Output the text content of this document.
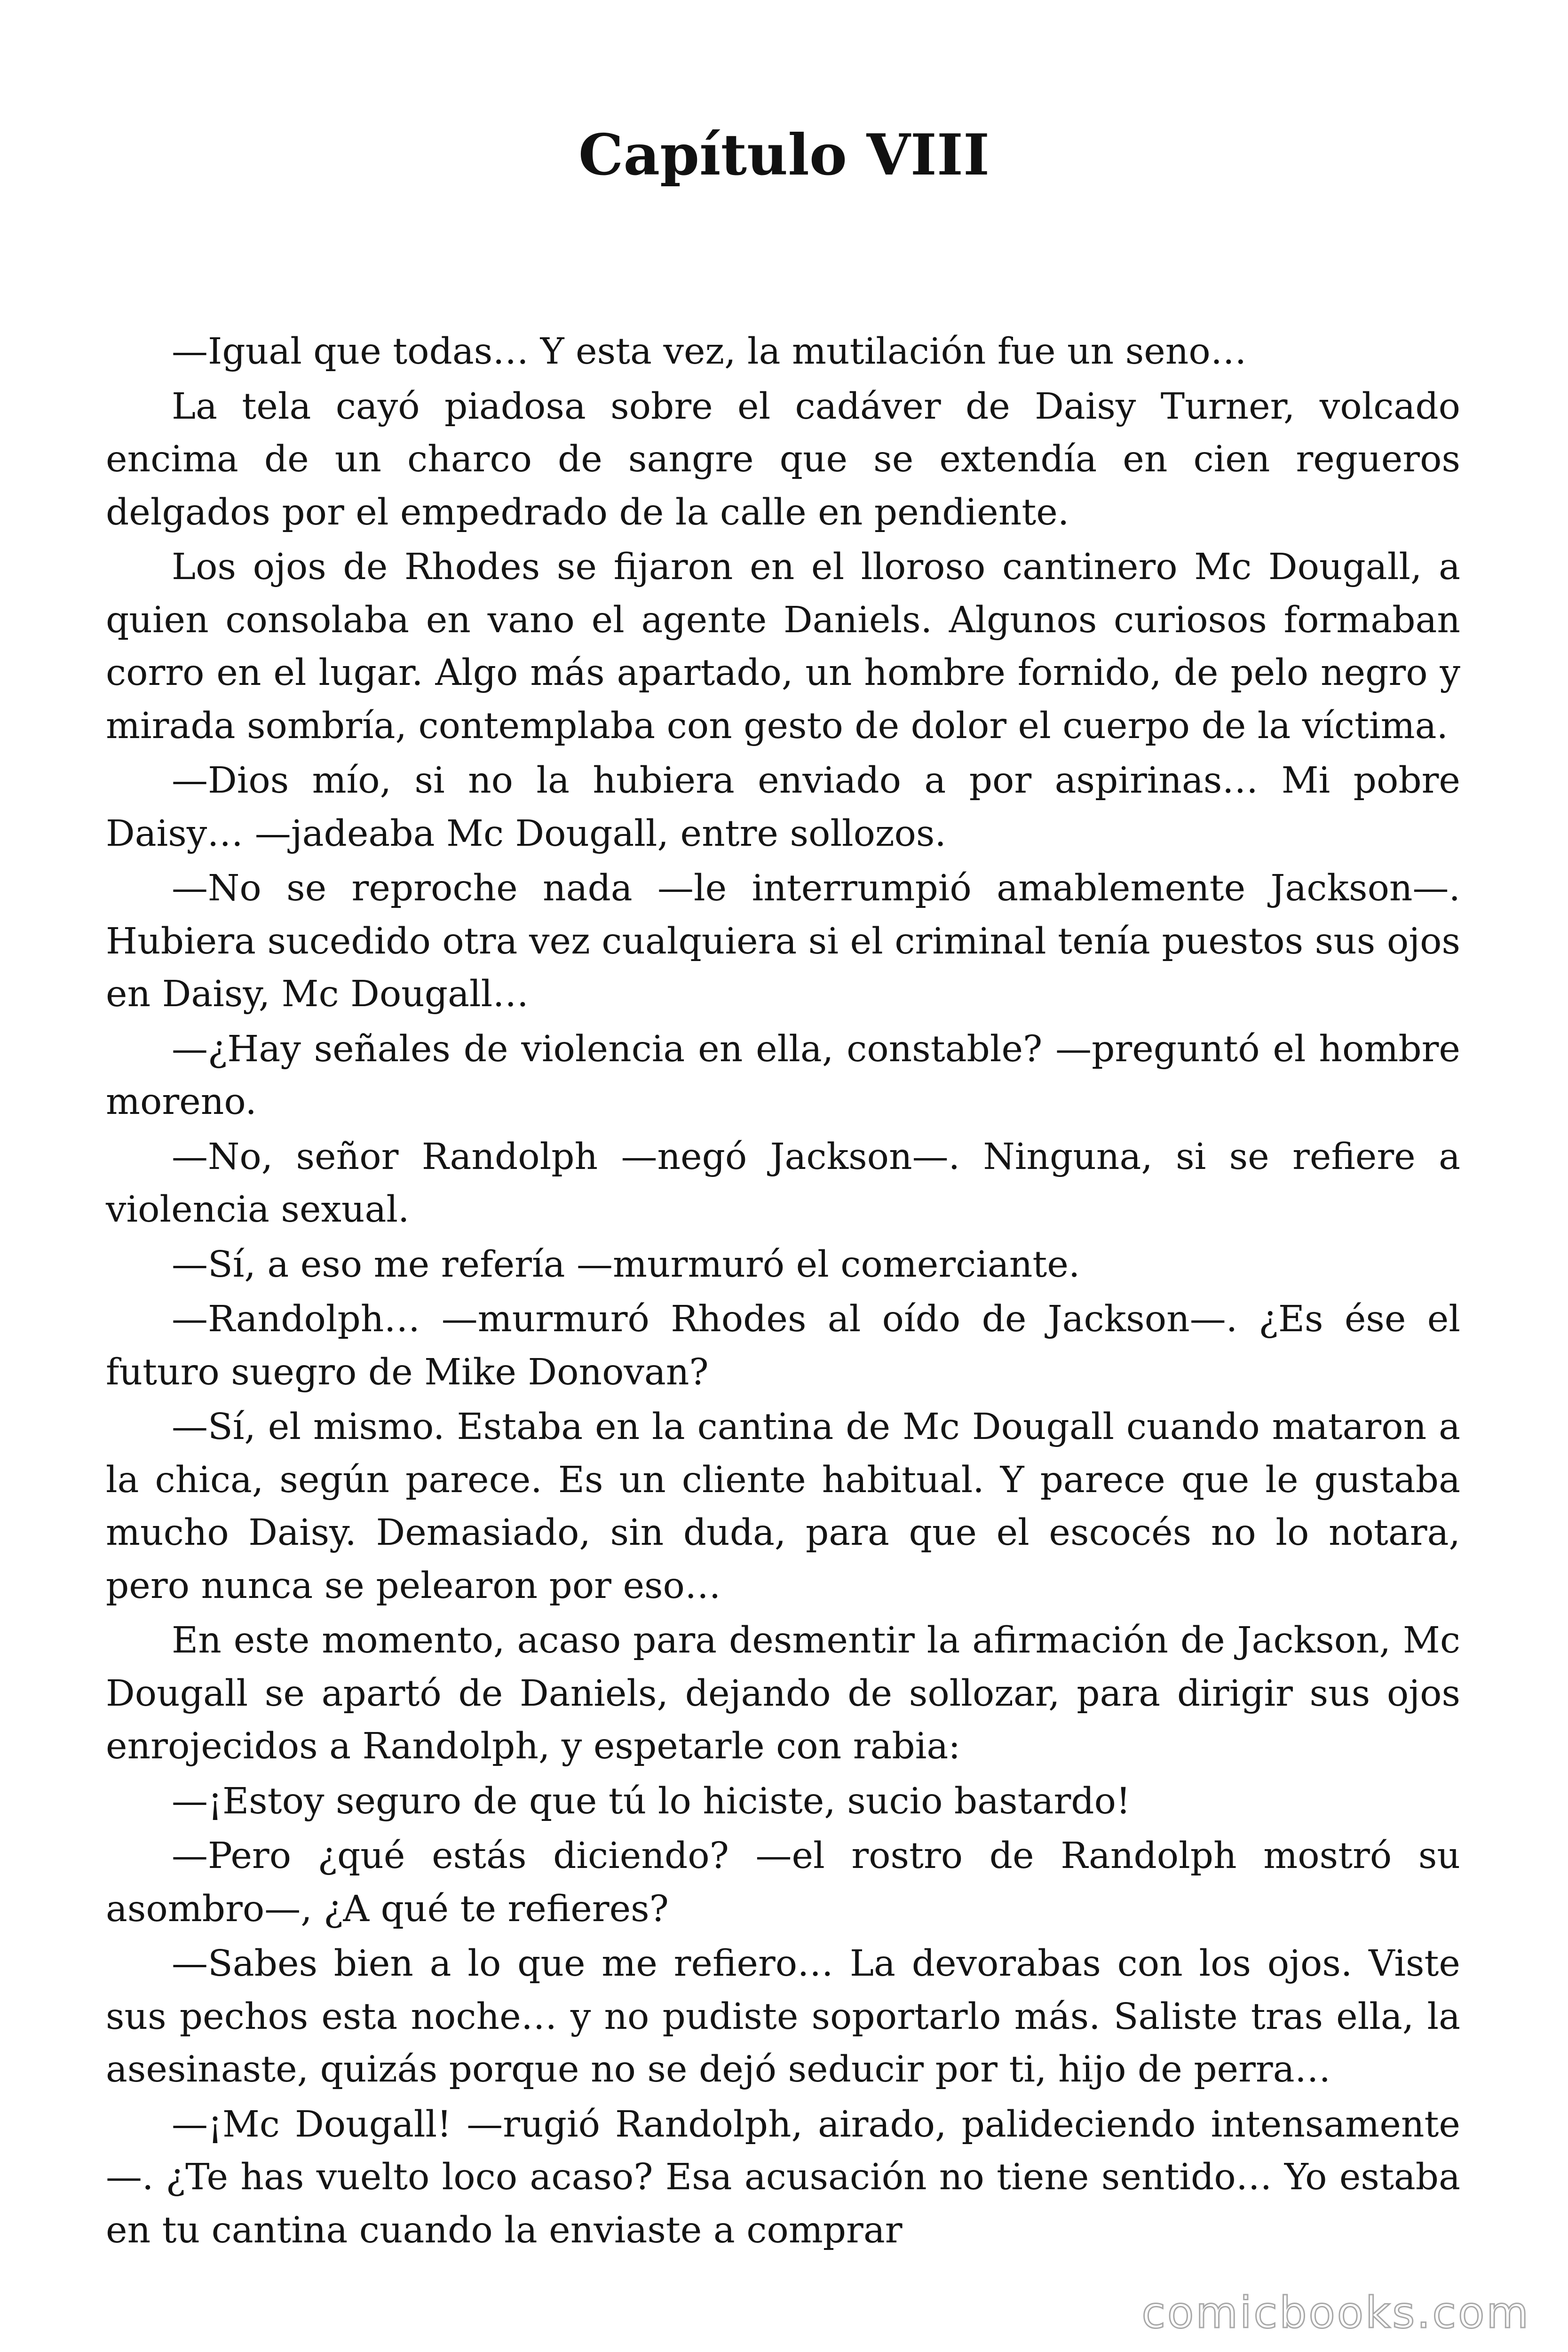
Capítulo VIII

—Igual que todas… Y esta vez, la mutilación fue un seno…

La tela cayó piadosa sobre el cadáver de Daisy Turner, volcado encima de un charco de sangre que se extendía en cien regueros delgados por el empedrado de la calle en pendiente.

Los ojos de Rhodes se fijaron en el lloroso cantinero Mc Dougall, a quien consolaba en vano el agente Daniels. Algunos curiosos formaban corro en el lugar. Algo más apartado, un hombre fornido, de pelo negro y mirada sombría, contemplaba con gesto de dolor el cuerpo de la víctima.

—Dios mío, si no la hubiera enviado a por aspirinas… Mi pobre Daisy… —jadeaba Mc Dougall, entre sollozos.

—No se reproche nada —le interrumpió amablemente Jackson—. Hubiera sucedido otra vez cualquiera si el criminal tenía puestos sus ojos en Daisy, Mc Dougall…

—¿Hay señales de violencia en ella, constable? —preguntó el hombre moreno.

—No, señor Randolph —negó Jackson—. Ninguna, si se refiere a violencia sexual.

—Sí, a eso me refería —murmuró el comerciante.

—Randolph… —murmuró Rhodes al oído de Jackson—. ¿Es ése el futuro suegro de Mike Donovan?

—Sí, el mismo. Estaba en la cantina de Mc Dougall cuando mataron a la chica, según parece. Es un cliente habitual. Y parece que le gustaba mucho Daisy. Demasiado, sin duda, para que el escocés no lo notara, pero nunca se pelearon por eso…

En este momento, acaso para desmentir la afirmación de Jackson, Mc Dougall se apartó de Daniels, dejando de sollozar, para dirigir sus ojos enrojecidos a Randolph, y espetarle con rabia:

—¡Estoy seguro de que tú lo hiciste, sucio bastardo!

—Pero ¿qué estás diciendo? —el rostro de Randolph mostró su asombro—, ¿A qué te refieres?

—Sabes bien a lo que me refiero… La devorabas con los ojos. Viste sus pechos esta noche… y no pudiste soportarlo más. Saliste tras ella, la asesinaste, quizás porque no se dejó seducir por ti, hijo de perra…

—¡Mc Dougall! —rugió Randolph, airado, palideciendo intensamente—. ¿Te has vuelto loco acaso? Esa acusación no tiene sentido… Yo estaba en tu cantina cuando la enviaste a comprar

comicbooks.com
